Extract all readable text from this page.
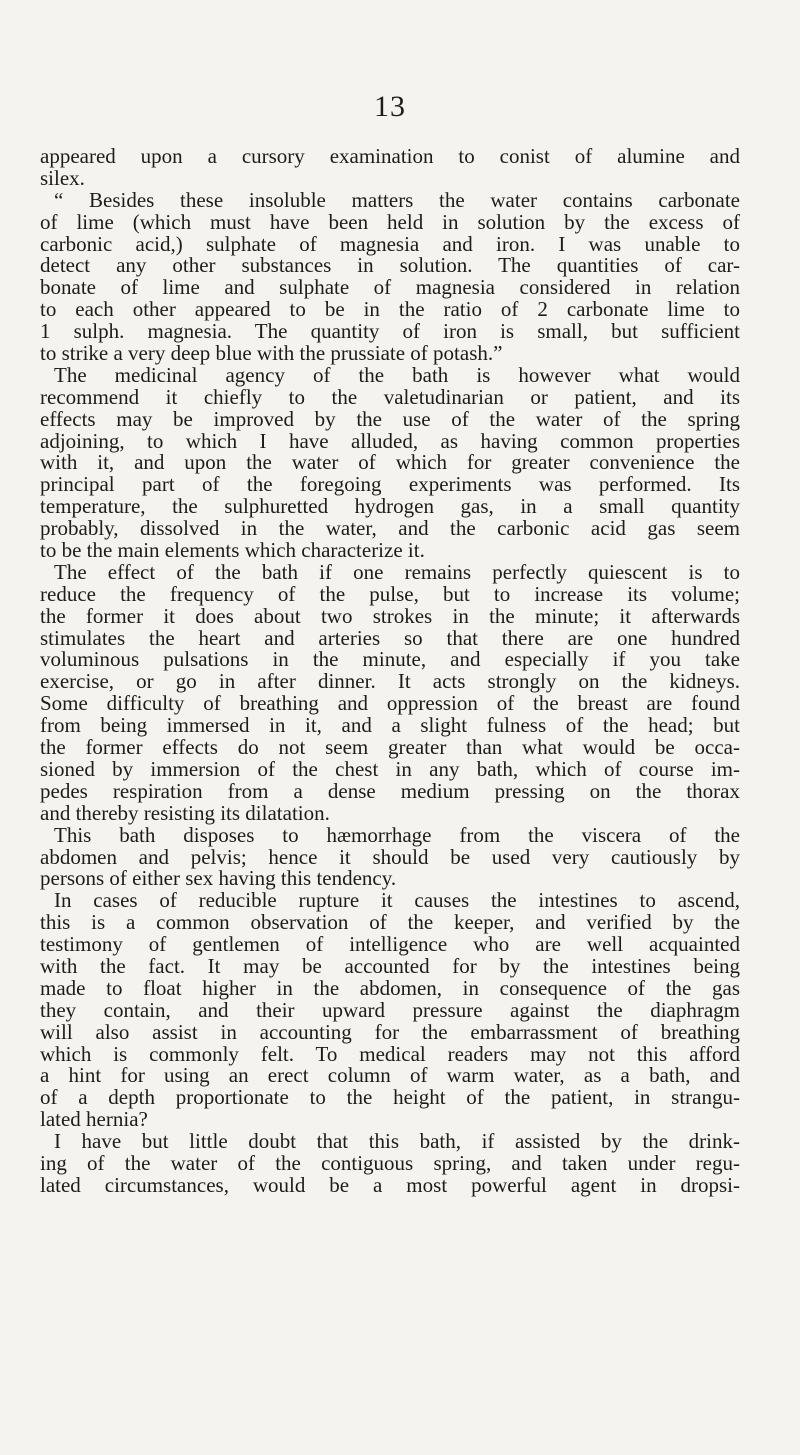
13
appeared upon a cursory examination to conist of alumine and
silex.
“ Besides these insoluble matters the water contains carbonate
of lime (which must have been held in solution by the excess of
carbonic acid,) sulphate of magnesia and iron. I was unable to
detect any other substances in solution. The quantities of car-
bonate of lime and sulphate of magnesia considered in relation
to each other appeared to be in the ratio of 2 carbonate lime to
1 sulph. magnesia. The quantity of iron is small, but sufficient
to strike a very deep blue with the prussiate of potash.”
The medicinal agency of the bath is however what would
recommend it chiefly to the valetudinarian or patient, and its
effects may be improved by the use of the water of the spring
adjoining, to which I have alluded, as having common properties
with it, and upon the water of which for greater convenience the
principal part of the foregoing experiments was performed. Its
temperature, the sulphuretted hydrogen gas, in a small quantity
probably, dissolved in the water, and the carbonic acid gas seem
to be the main elements which characterize it.
The effect of the bath if one remains perfectly quiescent is to
reduce the frequency of the pulse, but to increase its volume;
the former it does about two strokes in the minute; it afterwards
stimulates the heart and arteries so that there are one hundred
voluminous pulsations in the minute, and especially if you take
exercise, or go in after dinner. It acts strongly on the kidneys.
Some difficulty of breathing and oppression of the breast are found
from being immersed in it, and a slight fulness of the head; but
the former effects do not seem greater than what would be occa-
sioned by immersion of the chest in any bath, which of course im-
pedes respiration from a dense medium pressing on the thorax
and thereby resisting its dilatation.
This bath disposes to hæmorrhage from the viscera of the
abdomen and pelvis; hence it should be used very cautiously by
persons of either sex having this tendency.
In cases of reducible rupture it causes the intestines to ascend,
this is a common observation of the keeper, and verified by the
testimony of gentlemen of intelligence who are well acquainted
with the fact. It may be accounted for by the intestines being
made to float higher in the abdomen, in consequence of the gas
they contain, and their upward pressure against the diaphragm
will also assist in accounting for the embarrassment of breathing
which is commonly felt. To medical readers may not this afford
a hint for using an erect column of warm water, as a bath, and
of a depth proportionate to the height of the patient, in strangu-
lated hernia?
I have but little doubt that this bath, if assisted by the drink-
ing of the water of the contiguous spring, and taken under regu-
lated circumstances, would be a most powerful agent in dropsi-
